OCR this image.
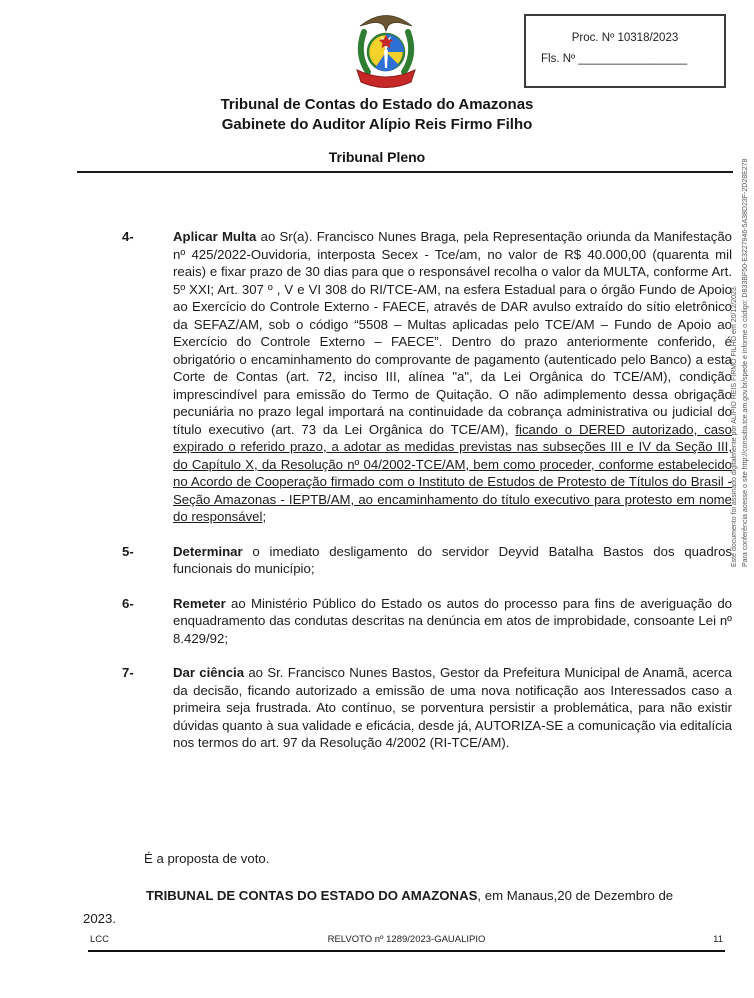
Proc. Nº 10318/2023
Fls. Nº _________________
Tribunal de Contas do Estado do Amazonas
Gabinete do Auditor Alípio Reis Firmo Filho
Tribunal Pleno
4-	Aplicar Multa ao Sr(a). Francisco Nunes Braga, pela Representação oriunda da Manifestação nº 425/2022-Ouvidoria, interposta Secex - Tce/am, no valor de R$ 40.000,00 (quarenta mil reais) e fixar prazo de 30 dias para que o responsável recolha o valor da MULTA, conforme Art. 5º XXI; Art. 307 º , V e VI 308 do RI/TCE-AM, na esfera Estadual para o órgão Fundo de Apoio ao Exercício do Controle Externo - FAECE, através de DAR avulso extraído do sítio eletrônico da SEFAZ/AM, sob o código “5508 – Multas aplicadas pelo TCE/AM – Fundo de Apoio ao Exercício do Controle Externo – FAECE”. Dentro do prazo anteriormente conferido, é obrigatório o encaminhamento do comprovante de pagamento (autenticado pelo Banco) a esta Corte de Contas (art. 72, inciso III, alínea "a", da Lei Orgânica do TCE/AM), condição imprescindível para emissão do Termo de Quitação. O não adimplemento dessa obrigação pecuniária no prazo legal importará na continuidade da cobrança administrativa ou judicial do título executivo (art. 73 da Lei Orgânica do TCE/AM), ficando o DERED autorizado, caso expirado o referido prazo, a adotar as medidas previstas nas subseções III e IV da Seção III, do Capítulo X, da Resolução nº 04/2002-TCE/AM, bem como proceder, conforme estabelecido no Acordo de Cooperação firmado com o Instituto de Estudos de Protesto de Títulos do Brasil - Seção Amazonas - IEPTB/AM, ao encaminhamento do título executivo para protesto em nome do responsável;
5-	Determinar o imediato desligamento do servidor Deyvid Batalha Bastos dos quadros funcionais do município;
6-	Remeter ao Ministério Público do Estado os autos do processo para fins de averiguação do enquadramento das condutas descritas na denúncia em atos de improbidade, consoante Lei nº 8.429/92;
7-	Dar ciência ao Sr. Francisco Nunes Bastos, Gestor da Prefeitura Municipal de Anamã, acerca da decisão, ficando autorizado a emissão de uma nova notificação aos Interessados caso a primeira seja frustrada. Ato contínuo, se porventura persistir a problemática, para não existir dúvidas quanto à sua validade e eficácia, desde já, AUTORIZA-SE a comunicação via editalícia nos termos do art. 97 da Resolução 4/2002 (RI-TCE/AM).
É a proposta de voto.
TRIBUNAL DE CONTAS DO ESTADO DO AMAZONAS, em Manaus,20 de Dezembro de 2023.
LCC	RELVOTO nº 1289/2023-GAUALIPIO	11
Este documento foi assinado digitalmente por ALIPIO REIS FIRMO FILHO em 20/12/2023. Para conferência acesse o site http://consulta.tce.am.gov.br/spede e informe o código: D833BF50-E3227946-5A38D23F-2D28E278
